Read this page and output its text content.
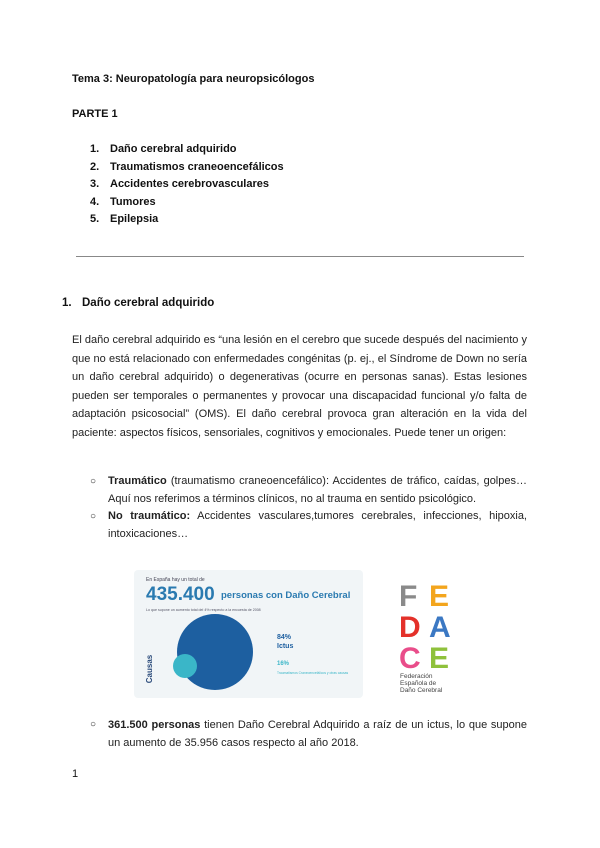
Tema 3: Neuropatología para neuropsicólogos
PARTE 1
1. Daño cerebral adquirido
2. Traumatismos craneoencefálicos
3. Accidentes cerebrovasculares
4. Tumores
5. Epilepsia
1. Daño cerebral adquirido
El daño cerebral adquirido es “una lesión en el cerebro que sucede después del nacimiento y que no está relacionado con enfermedades congénitas (p. ej., el Síndrome de Down no sería un daño cerebral adquirido) o degenerativas (ocurre en personas sanas). Estas lesiones pueden ser temporales o permanentes y provocar una discapacidad funcional y/o falta de adaptación psicosocial” (OMS). El daño cerebral provoca gran alteración en la vida del paciente: aspectos físicos, sensoriales, cognitivos y emocionales. Puede tener un origen:
○ Traumático (traumatismo craneoencefálico): Accidentes de tráfico, caídas, golpes… Aquí nos referimos a términos clínicos, no al trauma en sentido psicológico.
○ No traumático: Accidentes vasculares,tumores cerebrales, infecciones, hipoxia, intoxicaciones…
En España hay un total de
435.400 personas con Daño Cerebral
Lo que supone un aumento total del 4% respecto a la encuesta de 2008
Causas
84%
Ictus
16%
Traumatismos Craneoencefálicos y otras causas
F E
D A
C E
Federación
Española de
Daño Cerebral
○ 361.500 personas tienen Daño Cerebral Adquirido a raíz de un ictus, lo que supone un aumento de 35.956 casos respecto al año 2018.
1
